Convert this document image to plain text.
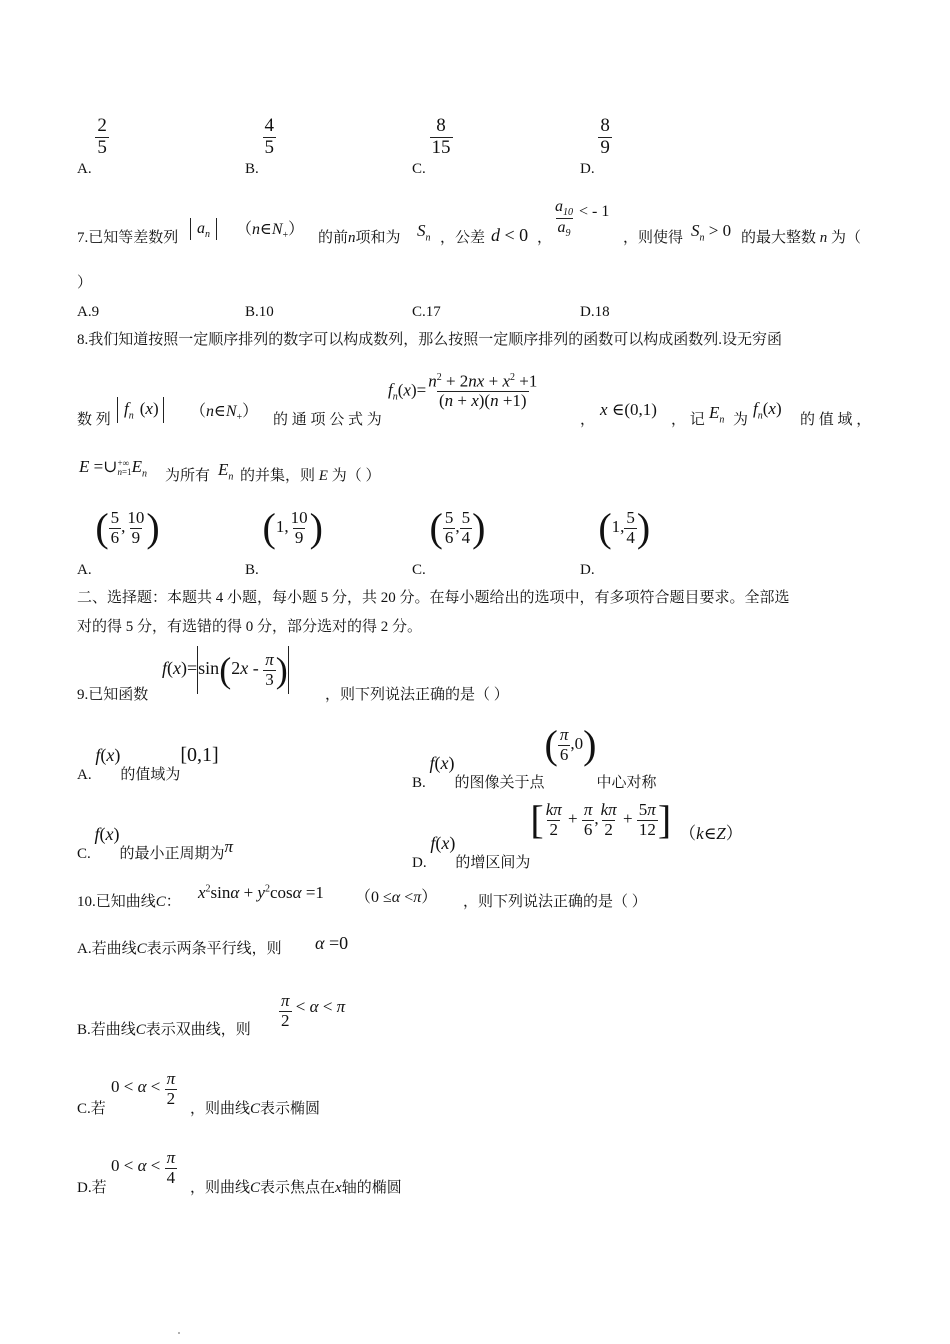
A.
$\frac{2}{5}$
B.
$\frac{4}{5}$
C.
$\frac{8}{15}$
D.
$\frac{8}{9}$
7.已知等差数列
$a_n$	$(n\in N_+)$ 的前n项和为 $S_n$ ，公差 d < 0 ， $\frac{a_{10}}{a_9}$ < - 1
，则使得 $S_n > 0$ 的最大整数 n 为（
）
A.9	B.10	C.17	D.18
8.我们知道按照一定顺序排列的数字可以构成数列，那么按照一定顺序排列的函数可以构成函数列.设无穷函
数 列
$f_n$ (x)	$(n\in N_+)$ 的 通 项 公 式 为
$f_n(x)= \frac{n^2 + 2nx + x^2 +1}{(n + x)(n +1)}$
，
x ∈(0,1)
， 记 $E_n$ 为
$f_n(x)$
的 值 域 ，
E =∪ +∞
n=1 $E_n$ 为所有 $E_n$ 的并集，则 E 为（ ）
A. ( $\frac{5}{6}$ , $\frac{10}{9}$ )
B. (1, $\frac{10}{9}$ )
C. ( $\frac{5}{6}$ , $\frac{5}{4}$ )
D. (1, $\frac{5}{4}$ )
二、选择题：本题共 4 小题，每小题 5 分，共 20 分。在每小题给出的选项中，有多项符合题目要求。全部选
对的得 5 分，有选错的得 0 分，部分选对的得 2 分。
9.已知函数
$f(x)=\sin(2x - \frac{\pi}{3}$ )
，则下列说法正确的是（ ）
A. f(x)的值域为[0,1]
B. f(x)的图像关于点( $\frac{\pi}{6} ,0$)中心对称
C. f(x)的最小正周期为π
D. f(x)的增区间为[ $\frac{k\pi}{2} + \frac{\pi}{6}$ , $\frac{k\pi}{2} + \frac{5\pi}{12}$ ] （k∈Z）
10.已知曲线C： $x^2\sin\alpha + y^2\cos\alpha =1$ （0 ≤α <π） ，则下列说法正确的是（ ）
A.若曲线C表示两条平行线，则 α =0
B.若曲线C表示双曲线，则 $\frac{\pi}{2} < \alpha < \pi$
C.若
$0 < \alpha < \frac{\pi}{2}$
，则曲线C表示椭圆
D.若
$0 < \alpha < \frac{\pi}{4}$
，则曲线C表示焦点在x轴的椭圆
